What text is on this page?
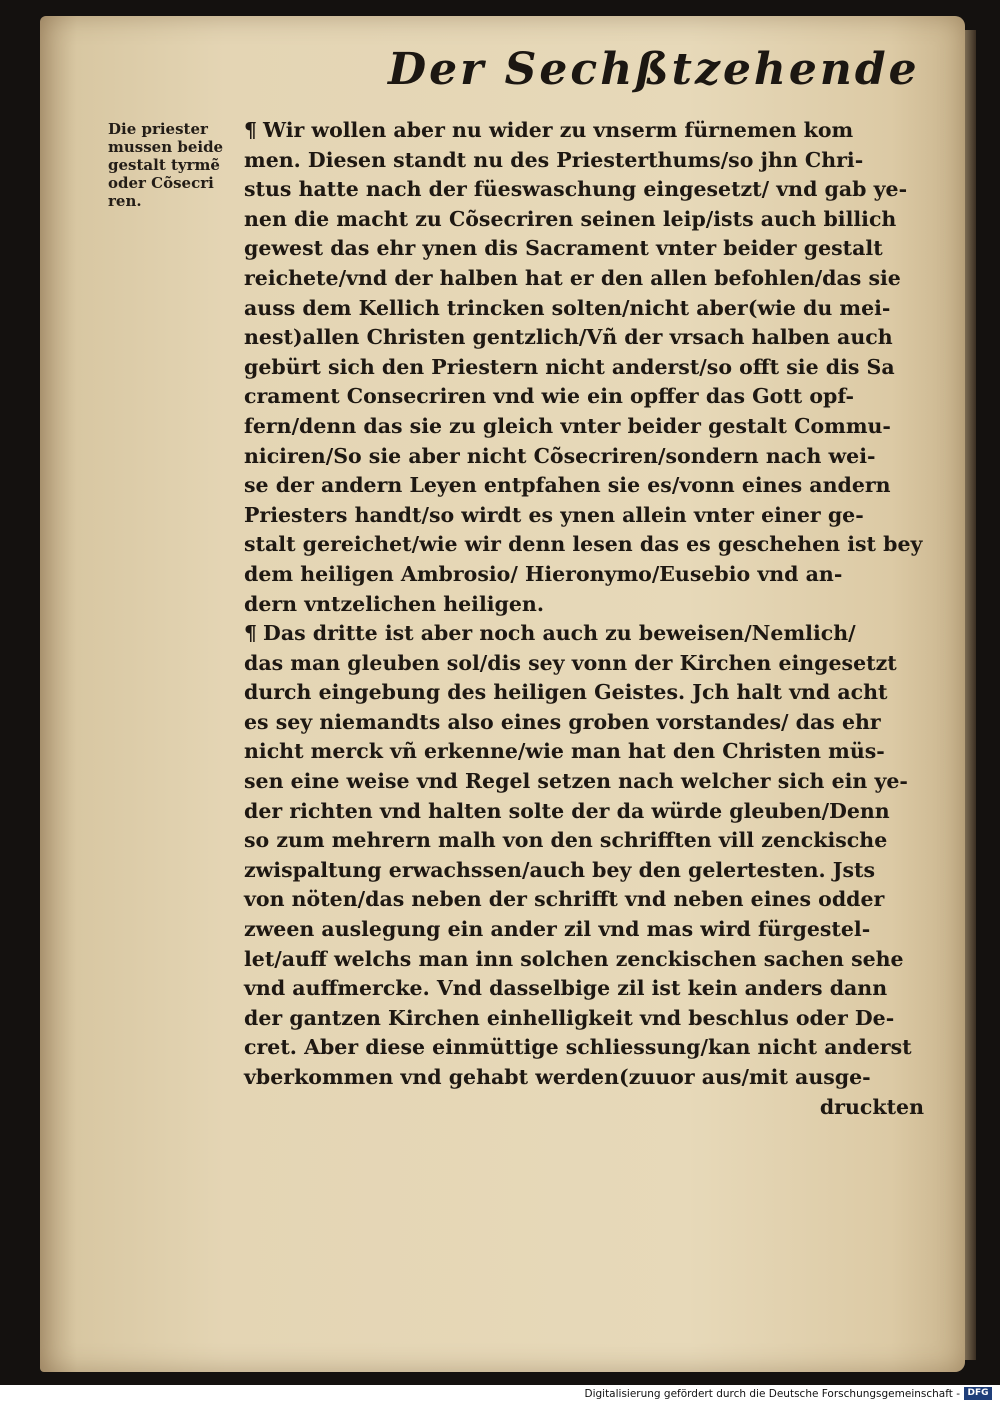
Der Sechßtzehende
Die priester
mussen beide
gestalt tyrmẽ
oder Cõsecri
ren.
¶ Wir wollen aber nu wider zu vnserm fürnemen kom
men. Diesen standt nu des Priesterthums/so jhn Chri-
stus hatte nach der füeswaschung eingesetzt/ vnd gab ye-
nen die macht zu Cõsecriren seinen leip/ists auch billich
gewest das ehr ynen dis Sacrament vnter beider gestalt
reichete/vnd der halben hat er den allen befohlen/das sie
auss dem Kellich trincken solten/nicht aber(wie du mei-
nest)allen Christen gentzlich/Vñ der vrsach halben auch
gebürt sich den Priestern nicht anderst/so offt sie dis Sa
crament Consecriren vnd wie ein opffer das Gott opf-
fern/denn das sie zu gleich vnter beider gestalt Commu-
niciren/So sie aber nicht Cõsecriren/sondern nach wei-
se der andern Leyen entpfahen sie es/vonn eines andern
Priesters handt/so wirdt es ynen allein vnter einer ge-
stalt gereichet/wie wir denn lesen das es geschehen ist bey
dem heiligen Ambrosio/ Hieronymo/Eusebio vnd an-
dern vntzelichen heiligen.
¶ Das dritte ist aber noch auch zu beweisen/Nemlich/
das man gleuben sol/dis sey vonn der Kirchen eingesetzt
durch eingebung des heiligen Geistes. Jch halt vnd acht
es sey niemandts also eines groben vorstandes/ das ehr
nicht merck vñ erkenne/wie man hat den Christen müs-
sen eine weise vnd Regel setzen nach welcher sich ein ye-
der richten vnd halten solte der da würde gleuben/Denn
so zum mehrern malh von den schrifften vill zenckische
zwispaltung erwachssen/auch bey den gelertesten. Jsts
von nöten/das neben der schrifft vnd neben eines odder
zween auslegung ein ander zil vnd mas wird fürgestel-
let/auff welchs man inn solchen zenckischen sachen sehe
vnd auffmercke. Vnd dasselbige zil ist kein anders dann
der gantzen Kirchen einhelligkeit vnd beschlus oder De-
cret. Aber diese einmüttige schliessung/kan nicht anderst
vberkommen vnd gehabt werden(zuuor aus/mit ausge-
druckten
Digitalisierung gefördert durch die Deutsche Forschungsgemeinschaft - DFG
